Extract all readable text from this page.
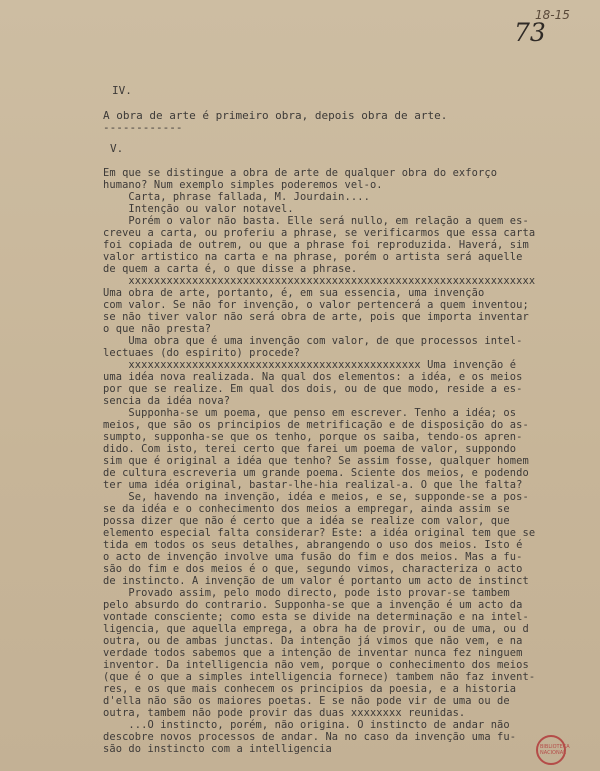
18-15
73
IV.
A obra de arte é primeiro obra, depois obra de arte.
------------
V.
Em que se distingue a obra de arte de qualquer obra do exforço
humano? Num exemplo simples poderemos vel-o.
Carta, phrase fallada, M. Jourdain....
Intenção ou valor notavel.
Porém o valor não basta. Elle será nullo, em relação a quem es-
creveu a carta, ou proferiu a phrase, se verificarmos que essa carta
foi copiada de outrem, ou que a phrase foi reproduzida. Haverá, sim
valor artistico na carta e na phrase, porém o artista será aquelle
de quem a carta é, o que disse a phrase.
xxxxxxxxxxxxxxxxxxxxxxxxxxxxxxxxxxxxxxxxxxxxxxxxxxxxxxxxxxxxxxxx
Uma obra de arte, portanto, é, em sua essencia, uma invenção
com valor. Se não for invenção, o valor pertencerá a quem inventou;
se não tiver valor não será obra de arte, pois que importa inventar
o que não presta?
Uma obra que é uma invenção com valor, de que processos intel-
lectuaes (do espirito) procede?
xxxxxxxxxxxxxxxxxxxxxxxxxxxxxxxxxxxxxxxxxxxxxx Uma invenção é
uma idéa nova realizada. Na qual dos elementos: a idéa, e os meios
por que se realize. Em qual dos dois, ou de que modo, reside a es-
sencia da idéa nova?
Supponha-se um poema, que penso em escrever. Tenho a idéa; os
meios, que são os principios de metrificação e de disposição do as-
sumpto, supponha-se que os tenho, porque os saiba, tendo-os apren-
dido. Com isto, terei certo que farei um poema de valor, suppondo
sim que é original a idéa que tenho? Se assim fosse, qualquer homem
de cultura escreveria um grande poema. Sciente dos meios, e podendo
ter uma idéa original, bastar-lhe-hia realizal-a. O que lhe falta?
Se, havendo na invenção, idéa e meios, e se, supponde-se a pos-
se da idéa e o conhecimento dos meios a empregar, ainda assim se
possa dizer que não é certo que a idéa se realize com valor, que
elemento especial falta considerar? Este: a idéa original tem que se
tida em todos os seus detalhes, abrangendo o uso dos meios. Isto é
o acto de invenção involve uma fusão do fim e dos meios. Mas a fu-
são do fim e dos meios é o que, segundo vimos, characteriza o acto
de instincto. A invenção de um valor é portanto um acto de instinct
Provado assim, pelo modo directo, pode isto provar-se tambem
pelo absurdo do contrario. Supponha-se que a invenção é um acto da
vontade consciente; como esta se divide na determinação e na intel-
ligencia, que aquella emprega, a obra ha de provir, ou de uma, ou d
outra, ou de ambas junctas. Da intenção já vimos que não vem, e na
verdade todos sabemos que a intenção de inventar nunca fez ninguem
inventor. Da intelligencia não vem, porque o conhecimento dos meios
(que é o que a simples intelligencia fornece) tambem não faz invent-
res, e os que mais conhecem os principios da poesia, e a historia
d'ella não são os maiores poetas. E se não pode vir de uma ou de
outra, tambem não pode provir das duas xxxxxxxx reunidas.
...O instincto, porém, não origina. O instincto de andar não
descobre novos processos de andar. Na no caso da invenção uma fu-
são do instincto com a intelligencia	BIBLIOTECA NACIONAL
